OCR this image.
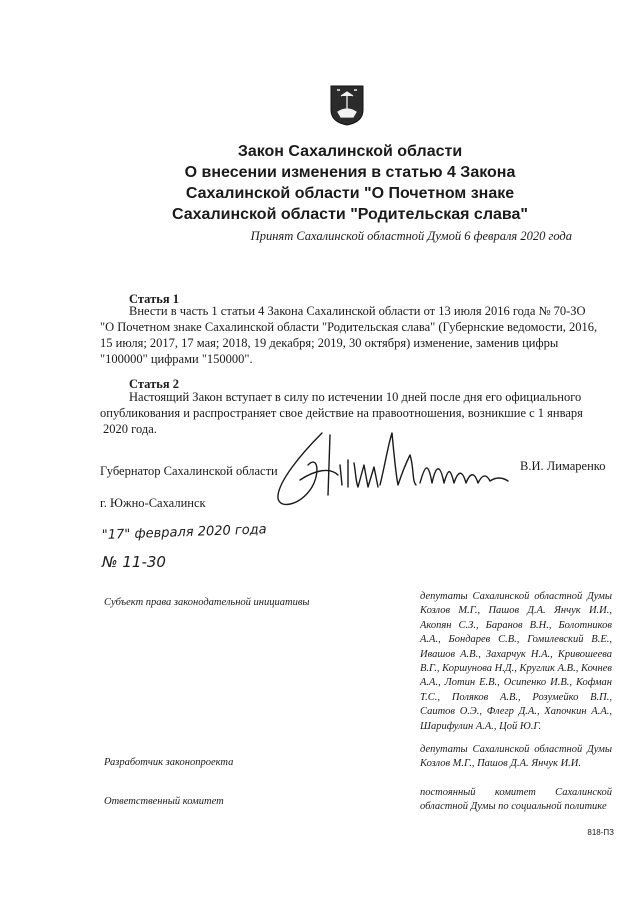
Закон Сахалинской области
О внесении изменения в статью 4 Закона
Сахалинской области "О Почетном знаке
Сахалинской области "Родительская слава"
Принят Сахалинской областной Думой 6 февраля 2020 года
Статья 1
Внести в часть 1 статьи 4 Закона Сахалинской области от 13 июля 2016 года № 70-ЗО
"О Почетном знаке Сахалинской области "Родительская слава" (Губернские ведомости, 2016,
15 июля; 2017, 17 мая; 2018, 19 декабря; 2019, 30 октября) изменение, заменив цифры
"100000" цифрами "150000".
Статья 2
Настоящий Закон вступает в силу по истечении 10 дней после дня его официального
опубликования и распространяет свое действие на правоотношения, возникшие с 1 января
2020 года.
Губернатор Сахалинской области	В.И. Лимаренко
г. Южно-Сахалинск
"17" февраля 2020 года
№ 11-30
Субъект права законодательной инициативы
депутаты Сахалинской областной Думы Козлов М.Г., Пашов Д.А. Янчук И.И., Акопян С.З., Баранов В.Н., Болотников А.А., Бондарев С.В., Гомилевский В.Е., Ивашов А.В., Захарчук Н.А., Кривошеева В.Г., Коршунова Н.Д., Круглик А.В., Кочнев А.А., Лотин Е.В., Осипенко И.В., Кофман Т.С., Поляков А.В., Розумейко В.П., Саитов О.Э., Флегр Д.А., Хапочкин А.А., Шарифулин А.А., Цой Ю.Г.
Разработчик законопроекта
депутаты Сахалинской областной Думы Козлов М.Г., Пашов Д.А. Янчук И.И.
Ответственный комитет
постоянный комитет Сахалинской областной Думы по социальной политике
818-ПЗ
